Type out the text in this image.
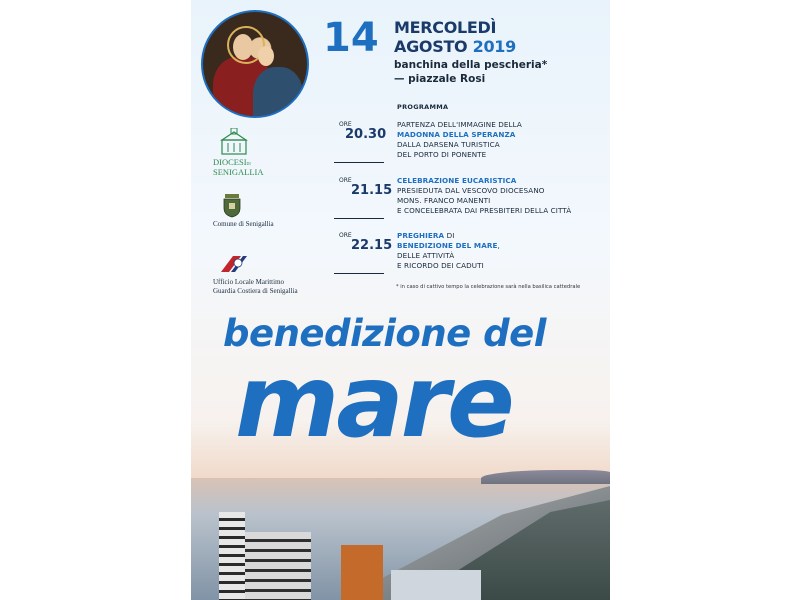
14 MERCOLEDÌ
AGOSTO 2019
banchina della pescheria*
— piazzale Rosi
PROGRAMMA
ORE
20.30
PARTENZA DELL'IMMAGINE DELLA
MADONNA DELLA SPERANZA
DALLA DARSENA TURISTICA
DEL PORTO DI PONENTE
ORE
21.15
CELEBRAZIONE EUCARISTICA
PRESIEDUTA DAL VESCOVO DIOCESANO
MONS. FRANCO MANENTI
E CONCELEBRATA DAI PRESBITERI DELLA CITTÀ
ORE
22.15
PREGHIERA DI
BENEDIZIONE DEL MARE,
DELLE ATTIVITÀ
E RICORDO DEI CADUTI
* in caso di cattivo tempo la celebrazione sarà nella basilica cattedrale
DIOCESIDI
SENIGALLIA
Comune di Senigallia
Ufficio Locale Marittimo
Guardia Costiera di Senigallia
benedizione del
mare
